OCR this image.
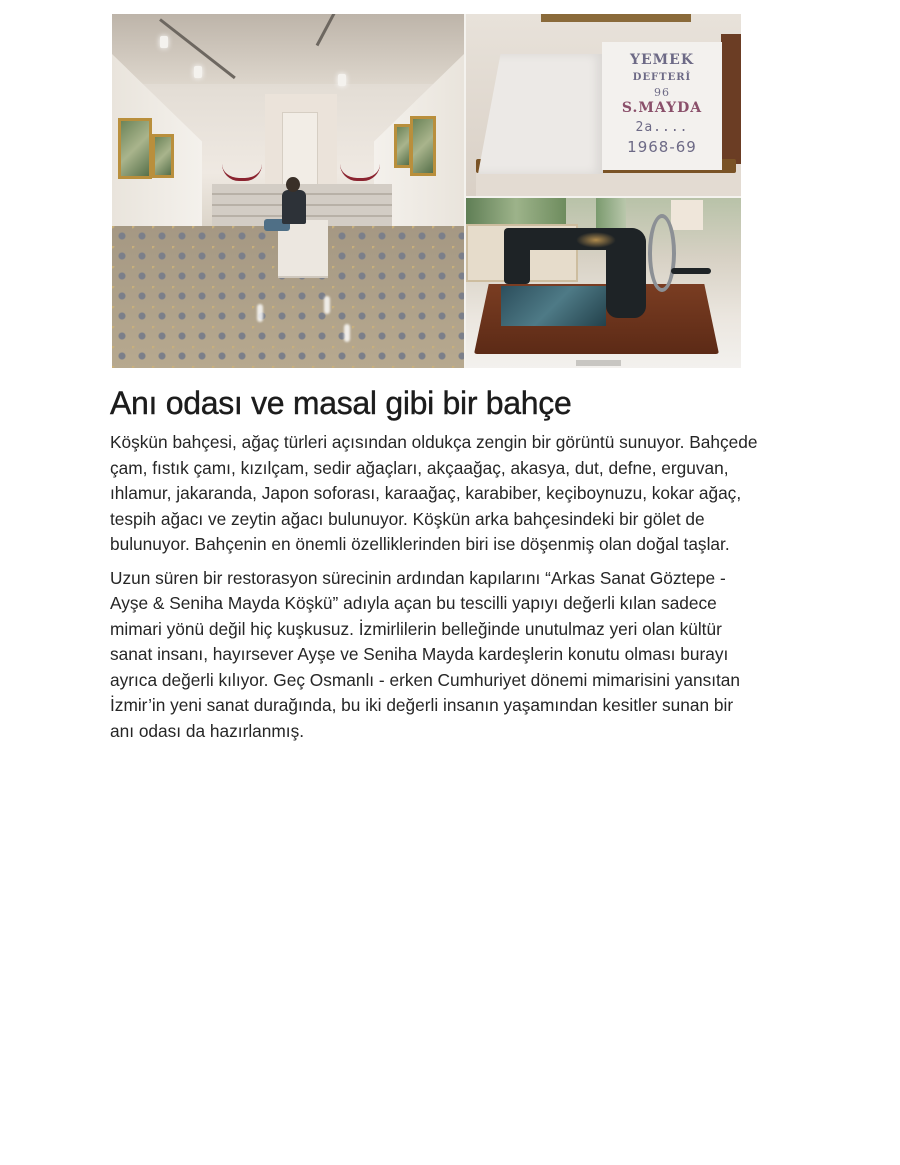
YEMEK
DEFTERİ
96
S.MAYDA
2a....
1968-69
Anı odası ve masal gibi bir bahçe

Köşkün bahçesi, ağaç türleri açısından oldukça zengin bir görüntü sunuyor. Bahçede çam, fıstık çamı, kızılçam, sedir ağaçları, akçaağaç, akasya, dut, defne, erguvan, ıhlamur, jakaranda, Japon soforası, karaağaç, karabiber, keçiboynuzu, kokar ağaç, tespih ağacı ve zeytin ağacı bulunuyor. Köşkün arka bahçesindeki bir gölet de bulunuyor. Bahçenin en önemli özelliklerinden biri ise döşenmiş olan doğal taşlar.

Uzun süren bir restorasyon sürecinin ardından kapılarını “Arkas Sanat Göztepe - Ayşe & Seniha Mayda Köşkü” adıyla açan bu tescilli yapıyı değerli kılan sadece mimari yönü değil hiç kuşkusuz. İzmirlilerin belleğinde unutulmaz yeri olan kültür sanat insanı, hayırsever Ayşe ve Seniha Mayda kardeşlerin konutu olması burayı ayrıca değerli kılıyor. Geç Osmanlı - erken Cumhuriyet dönemi mimarisini yansıtan İzmir’in yeni sanat durağında, bu iki değerli insanın yaşamından kesitler sunan bir anı odası da hazırlanmış.
